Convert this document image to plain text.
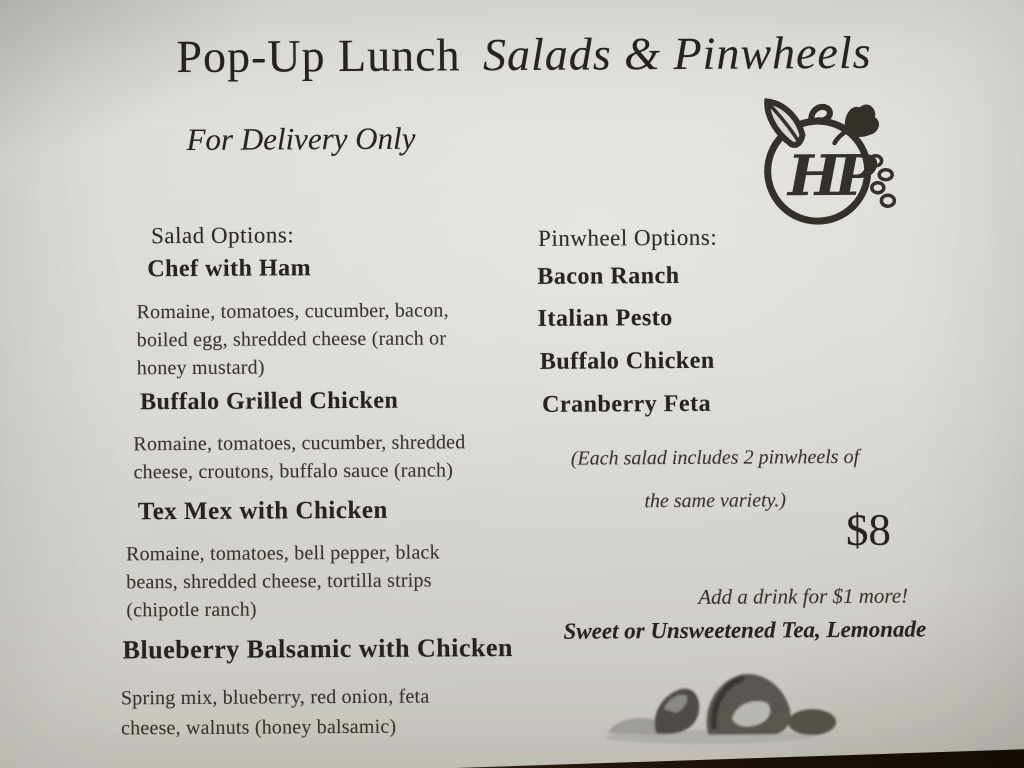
Pop-Up Lunch Salads & Pinwheels
For Delivery Only
HP
Salad Options:
Chef with Ham
Romaine, tomatoes, cucumber, bacon,
boiled egg, shredded cheese (ranch or
honey mustard)
Buffalo Grilled Chicken
Romaine, tomatoes, cucumber, shredded
cheese, croutons, buffalo sauce (ranch)
Tex Mex with Chicken
Romaine, tomatoes, bell pepper, black
beans, shredded cheese, tortilla strips
(chipotle ranch)
Blueberry Balsamic with Chicken
Spring mix, blueberry, red onion, feta
cheese, walnuts (honey balsamic)
Pinwheel Options:
Bacon Ranch
Italian Pesto
Buffalo Chicken
Cranberry Feta
(Each salad includes 2 pinwheels of
the same variety.)
$8
Add a drink for $1 more!
Sweet or Unsweetened Tea, Lemonade
